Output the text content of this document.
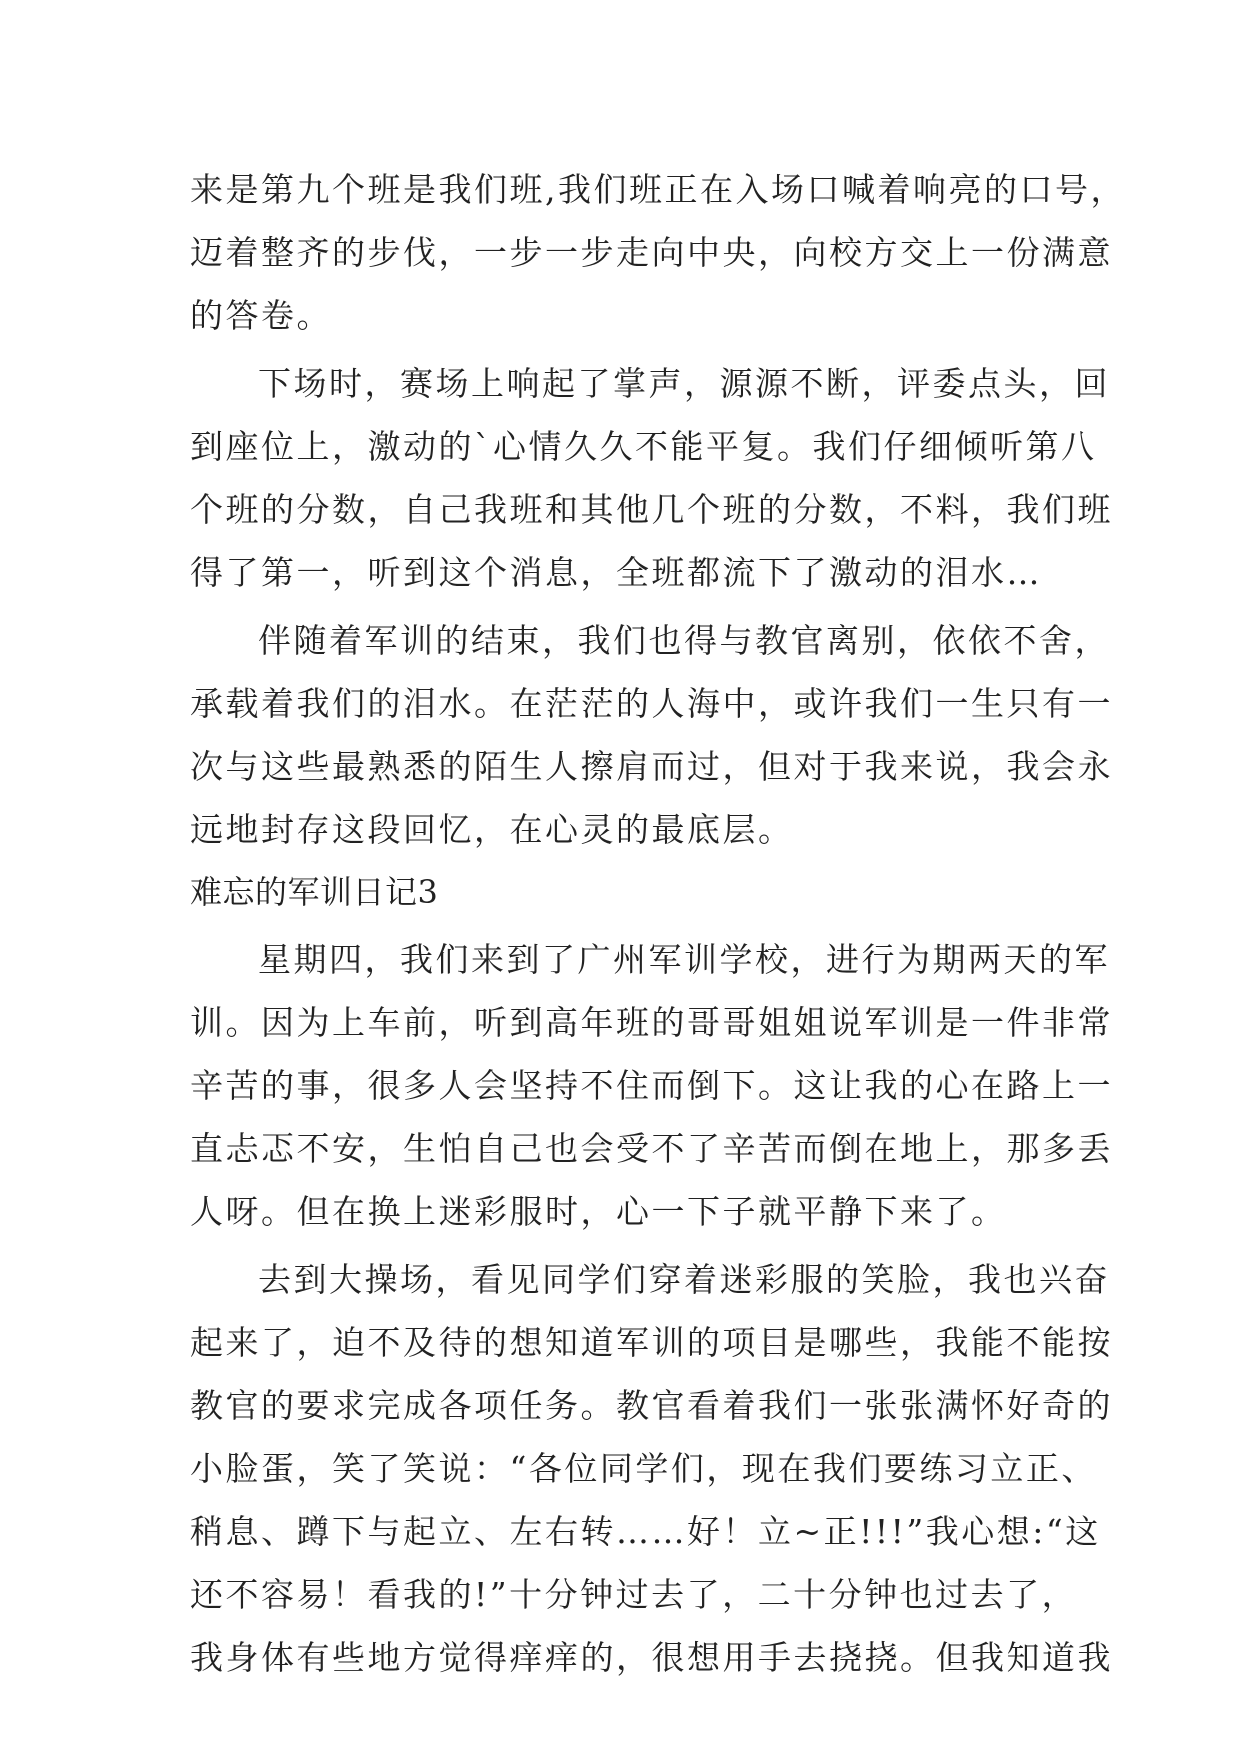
来是第九个班是我们班,我们班正在入场口喊着响亮的口号，
迈着整齐的步伐，一步一步走向中央，向校方交上一份满意
的答卷。
下场时，赛场上响起了掌声，源源不断，评委点头，回
到座位上，激动的`心情久久不能平复。我们仔细倾听第八
个班的分数，自己我班和其他几个班的分数，不料，我们班
得了第一，听到这个消息，全班都流下了激动的泪水…
伴随着军训的结束，我们也得与教官离别，依依不舍，
承载着我们的泪水。在茫茫的人海中，或许我们一生只有一
次与这些最熟悉的陌生人擦肩而过，但对于我来说，我会永
远地封存这段回忆，在心灵的最底层。
难忘的军训日记3
星期四，我们来到了广州军训学校，进行为期两天的军
训。因为上车前，听到高年班的哥哥姐姐说军训是一件非常
辛苦的事，很多人会坚持不住而倒下。这让我的心在路上一
直忐忑不安，生怕自己也会受不了辛苦而倒在地上，那多丢
人呀。但在换上迷彩服时，心一下子就平静下来了。
去到大操场，看见同学们穿着迷彩服的笑脸，我也兴奋
起来了，迫不及待的想知道军训的项目是哪些，我能不能按
教官的要求完成各项任务。教官看着我们一张张满怀好奇的
小脸蛋，笑了笑说：“各位同学们，现在我们要练习立正、
稍息、蹲下与起立、左右转……好！立~正!!!”我心想:“这
还不容易！看我的!”十分钟过去了，二十分钟也过去了，
我身体有些地方觉得痒痒的，很想用手去挠挠。但我知道我
